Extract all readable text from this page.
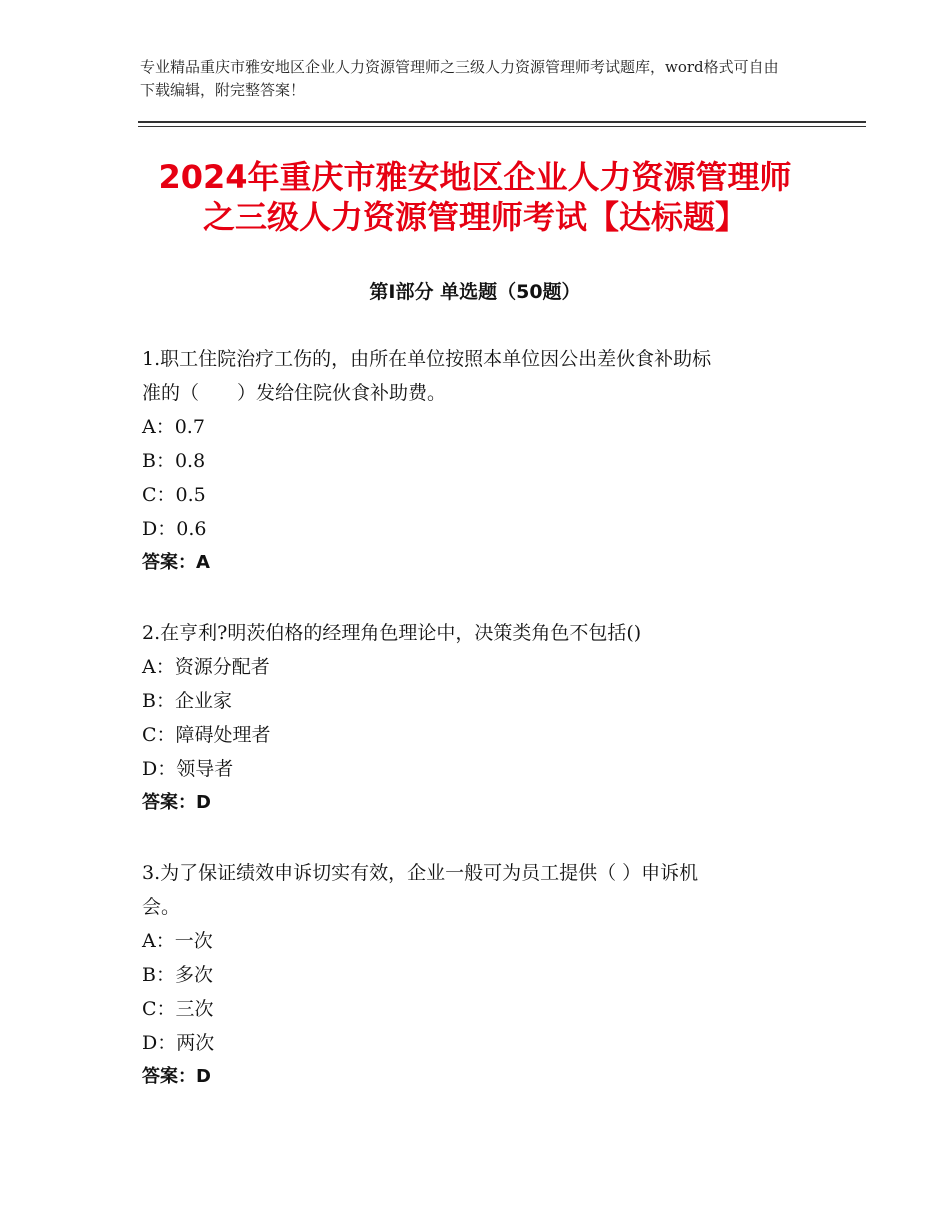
专业精品重庆市雅安地区企业人力资源管理师之三级人力资源管理师考试题库，word格式可自由下载编辑，附完整答案！
2024年重庆市雅安地区企业人力资源管理师
之三级人力资源管理师考试【达标题】
第Ⅰ部分 单选题（50题）
1.职工住院治疗工伤的，由所在单位按照本单位因公出差伙食补助标
准的（　　）发给住院伙食补助费。
A：0.7
B：0.8
C：0.5
D：0.6
答案：A
2.在亨利?明茨伯格的经理角色理论中，决策类角色不包括()
A：资源分配者
B：企业家
C：障碍处理者
D：领导者
答案：D
3.为了保证绩效申诉切实有效，企业一般可为员工提供（ ）申诉机
会。
A：一次
B：多次
C：三次
D：两次
答案：D
